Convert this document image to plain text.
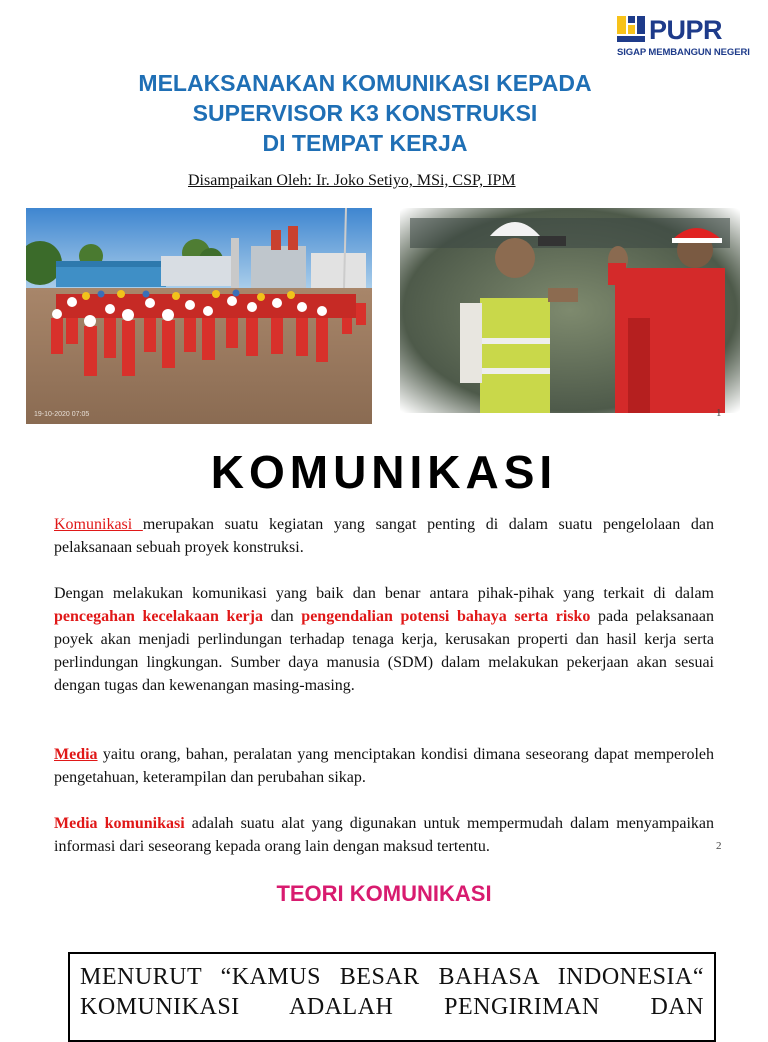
PUPR
SIGAP MEMBANGUN NEGERI
MELAKSANAKAN KOMUNIKASI KEPADA
SUPERVISOR K3 KONSTRUKSI
DI TEMPAT KERJA
Disampaikan Oleh: Ir. Joko Setiyo, MSi, CSP, IPM
19-10-2020 07:05	1
KOMUNIKASI
Komunikasi merupakan suatu kegiatan yang sangat penting di dalam suatu pengelolaan dan pelaksanaan sebuah proyek konstruksi.
Dengan melakukan komunikasi yang baik dan benar antara pihak-pihak yang terkait di dalam pencegahan kecelakaan kerja dan pengendalian potensi bahaya serta risko pada pelaksanaan poyek akan menjadi perlindungan terhadap tenaga kerja, kerusakan properti dan hasil kerja serta perlindungan lingkungan. Sumber daya manusia (SDM) dalam melakukan pekerjaan akan sesuai dengan tugas dan kewenangan masing-masing.
Media yaitu orang, bahan, peralatan yang menciptakan kondisi dimana seseorang dapat memperoleh pengetahuan, keterampilan dan perubahan sikap.
Media komunikasi adalah suatu alat yang digunakan untuk mempermudah dalam menyampaikan informasi dari seseorang kepada orang lain dengan maksud tertentu.	2
TEORI KOMUNIKASI
MENURUT “KAMUS BESAR BAHASA INDONESIA“
KOMUNIKASI ADALAH PENGIRIMAN DAN
